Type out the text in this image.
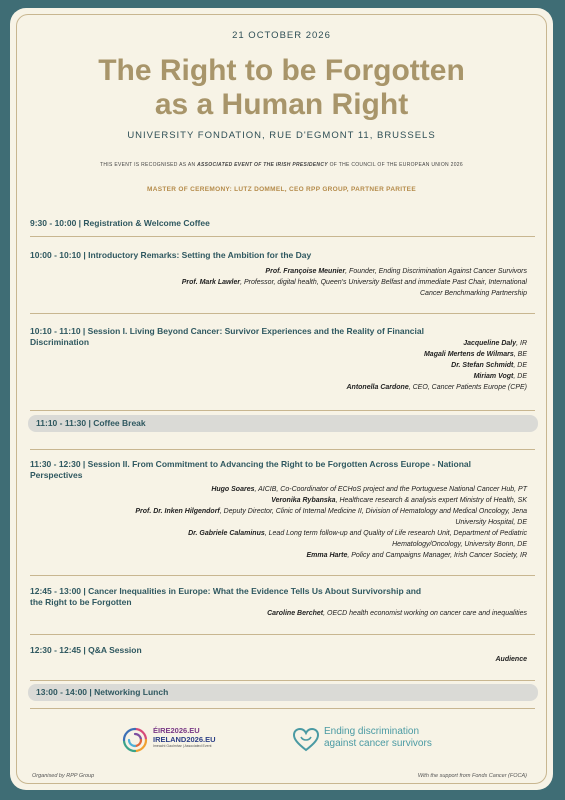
21 OCTOBER 2026
The Right to be Forgotten
as a Human Right
UNIVERSITY FONDATION, RUE D'EGMONT 11, BRUSSELS
THIS EVENT IS RECOGNISED AS AN ASSOCIATED EVENT OF THE IRISH PRESIDENCY OF THE COUNCIL OF THE EUROPEAN UNION 2026
MASTER OF CEREMONY: LUTZ DOMMEL, CEO RPP GROUP, PARTNER PARITEE
9:30 - 10:00 | Registration & Welcome Coffee
10:00 - 10:10 | Introductory Remarks: Setting the Ambition for the Day
Prof. Françoise Meunier, Founder, Ending Discrimination Against Cancer Survivors
Prof. Mark Lawler, Professor, digital health, Queen's University Belfast and immediate Past Chair, International
Cancer Benchmarking Partnership
10:10 - 11:10 | Session I. Living Beyond Cancer: Survivor Experiences and the Reality of Financial
Discrimination	Jacqueline Daly, IR
Magali Mertens de Wilmars, BE
Dr. Stefan Schmidt, DE
Miriam Vogt, DE
Antonella Cardone, CEO, Cancer Patients Europe (CPE)
11:10 - 11:30 | Coffee Break
11:30 - 12:30 | Session II. From Commitment to Advancing the Right to be Forgotten Across Europe - National
Perspectives
Hugo Soares, AICIB, Co-Coordinator of ECHoS project and the Portuguese National Cancer Hub, PT
Veronika Rybanska, Healthcare research & analysis expert Ministry of Health, SK
Prof. Dr. Inken Hilgendorf, Deputy Director, Clinic of Internal Medicine II, Division of Hematology and Medical Oncology, Jena
University Hospital, DE
Dr. Gabriele Calaminus, Lead Long term follow-up and Quality of Life research Unit, Department of Pediatric
Hematology/Oncology, University Bonn, DE
Emma Harte, Policy and Campaigns Manager, Irish Cancer Society, IR
12:45 - 13:00 | Cancer Inequalities in Europe: What the Evidence Tells Us About Survivorship and
the Right to be Forgotten
Caroline Berchet, OECD health economist working on cancer care and inequalities
12:30 - 12:45 | Q&A Session
Audience
13:00 - 14:00 | Networking Lunch
ÉIRE2026.EU
IRELAND2026.EU
Imeacht Gaolmhar | Associated Event
Ending discrimination
against cancer survivors
Organised by RPP Group	With the support from Fonds Cancer (FOCA)
